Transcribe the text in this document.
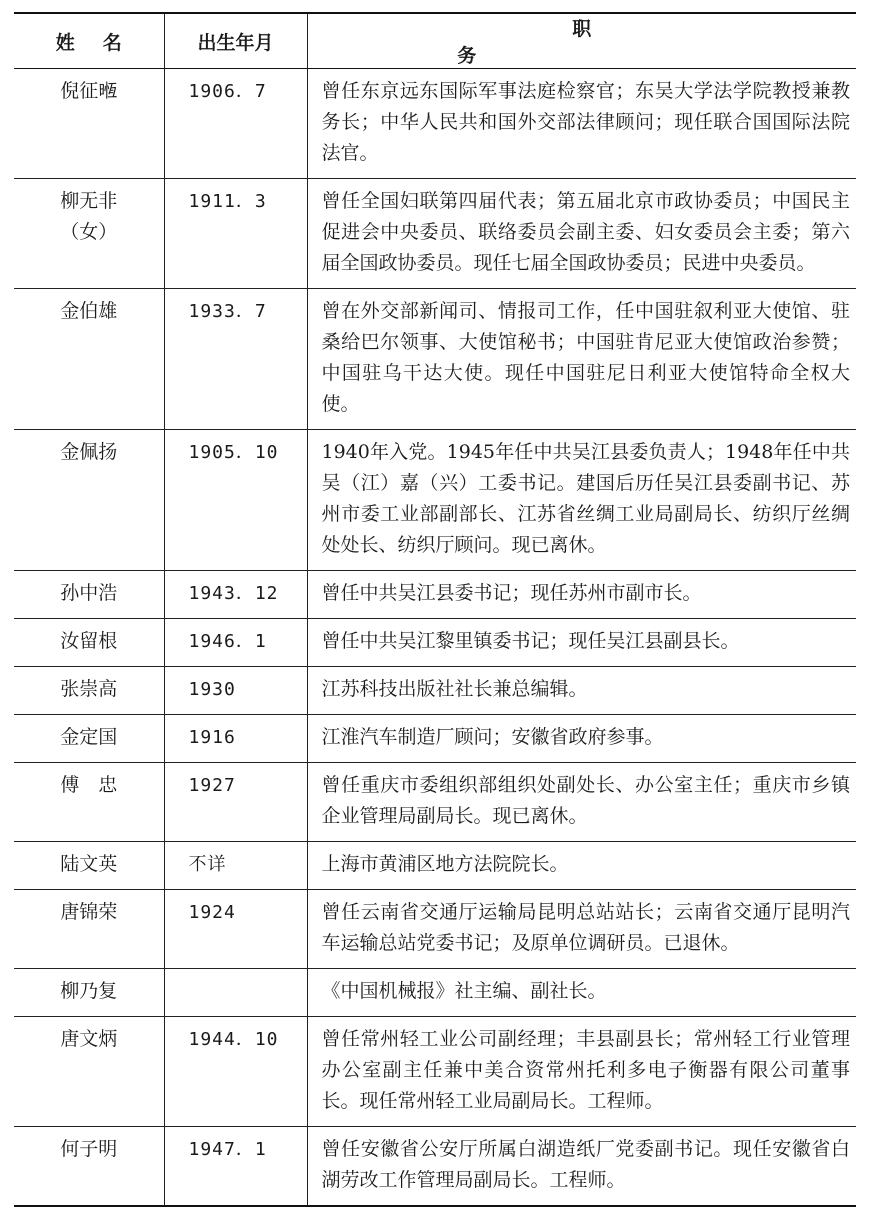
姓名	出生年月	职务

倪征𣈶	1906．7	曾任东京远东国际军事法庭检察官；东吴大学法学院教授兼教务长；中华人民共和国外交部法律顾问；现任联合国国际法院法官。

柳无非
（女）	1911．3	曾任全国妇联第四届代表；第五届北京市政协委员；中国民主促进会中央委员、联络委员会副主委、妇女委员会主委；第六届全国政协委员。现任七届全国政协委员；民进中央委员。

金伯雄	1933．7	曾在外交部新闻司、情报司工作，任中国驻叙利亚大使馆、驻桑给巴尔领事、大使馆秘书；中国驻肯尼亚大使馆政治参赞；中国驻乌干达大使。现任中国驻尼日利亚大使馆特命全权大使。

金佩扬	1905．10	1940年入党。1945年任中共吴江县委负责人；1948年任中共吴（江）嘉（兴）工委书记。建国后历任吴江县委副书记、苏州市委工业部副部长、江苏省丝绸工业局副局长、纺织厅丝绸处处长、纺织厅顾问。现已离休。

孙中浩	1943．12	曾任中共吴江县委书记；现任苏州市副市长。

汝留根	1946．1	曾任中共吴江黎里镇委书记；现任吴江县副县长。

张崇高	1930	江苏科技出版社社长兼总编辑。

金定国	1916	江淮汽车制造厂顾问；安徽省政府参事。

傅　忠	1927	曾任重庆市委组织部组织处副处长、办公室主任；重庆市乡镇企业管理局副局长。现已离休。

陆文英	不详	上海市黄浦区地方法院院长。

唐锦荣	1924	曾任云南省交通厅运输局昆明总站站长；云南省交通厅昆明汽车运输总站党委书记；及原单位调研员。已退休。

柳乃复		《中国机械报》社主编、副社长。

唐文炳	1944．10	曾任常州轻工业公司副经理；丰县副县长；常州轻工行业管理办公室副主任兼中美合资常州托利多电子衡器有限公司董事长。现任常州轻工业局副局长。工程师。

何子明	1947．1	曾任安徽省公安厅所属白湖造纸厂党委副书记。现任安徽省白湖劳改工作管理局副局长。工程师。
